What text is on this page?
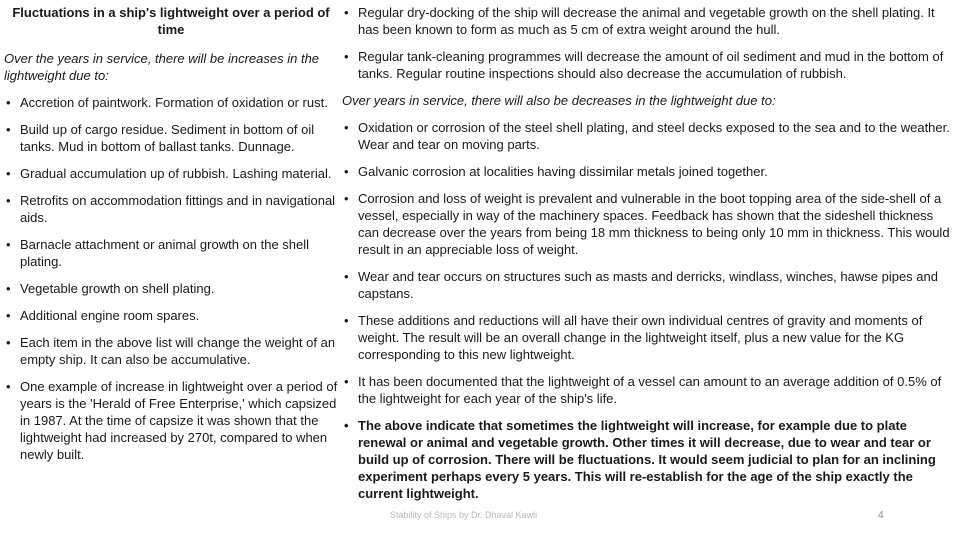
Fluctuations in a ship's lightweight over a period of time
Over the years in service, there will be increases in the lightweight due to:
• Accretion of paintwork. Formation of oxidation or rust.
• Build up of cargo residue. Sediment in bottom of oil tanks. Mud in bottom of ballast tanks. Dunnage.
• Gradual accumulation up of rubbish. Lashing material.
• Retrofits on accommodation fittings and in navigational aids.
• Barnacle attachment or animal growth on the shell plating.
• Vegetable growth on shell plating.
• Additional engine room spares.
• Each item in the above list will change the weight of an empty ship. It can also be accumulative.
• One example of increase in lightweight over a period of years is the 'Herald of Free Enterprise,' which capsized in 1987. At the time of capsize it was shown that the lightweight had increased by 270t, compared to when newly built.
• Regular dry-docking of the ship will decrease the animal and vegetable growth on the shell plating. It has been known to form as much as 5 cm of extra weight around the hull.
• Regular tank-cleaning programmes will decrease the amount of oil sediment and mud in the bottom of tanks. Regular routine inspections should also decrease the accumulation of rubbish.
Over years in service, there will also be decreases in the lightweight due to:
• Oxidation or corrosion of the steel shell plating, and steel decks exposed to the sea and to the weather. Wear and tear on moving parts.
• Galvanic corrosion at localities having dissimilar metals joined together.
• Corrosion and loss of weight is prevalent and vulnerable in the boot topping area of the side-shell of a vessel, especially in way of the machinery spaces. Feedback has shown that the sideshell thickness can decrease over the years from being 18 mm thickness to being only 10 mm in thickness. This would result in an appreciable loss of weight.
• Wear and tear occurs on structures such as masts and derricks, windlass, winches, hawse pipes and capstans.
• These additions and reductions will all have their own individual centres of gravity and moments of weight. The result will be an overall change in the lightweight itself, plus a new value for the KG corresponding to this new lightweight.
• It has been documented that the lightweight of a vessel can amount to an average addition of 0.5% of the lightweight for each year of the ship's life.
• The above indicate that sometimes the lightweight will increase, for example due to plate renewal or animal and vegetable growth. Other times it will decrease, due to wear and tear or build up of corrosion. There will be fluctuations. It would seem judicial to plan for an inclining experiment perhaps every 5 years. This will re-establish for the age of the ship exactly the current lightweight.
Stability of Ships by Dr. Dhaval Kawli	4
